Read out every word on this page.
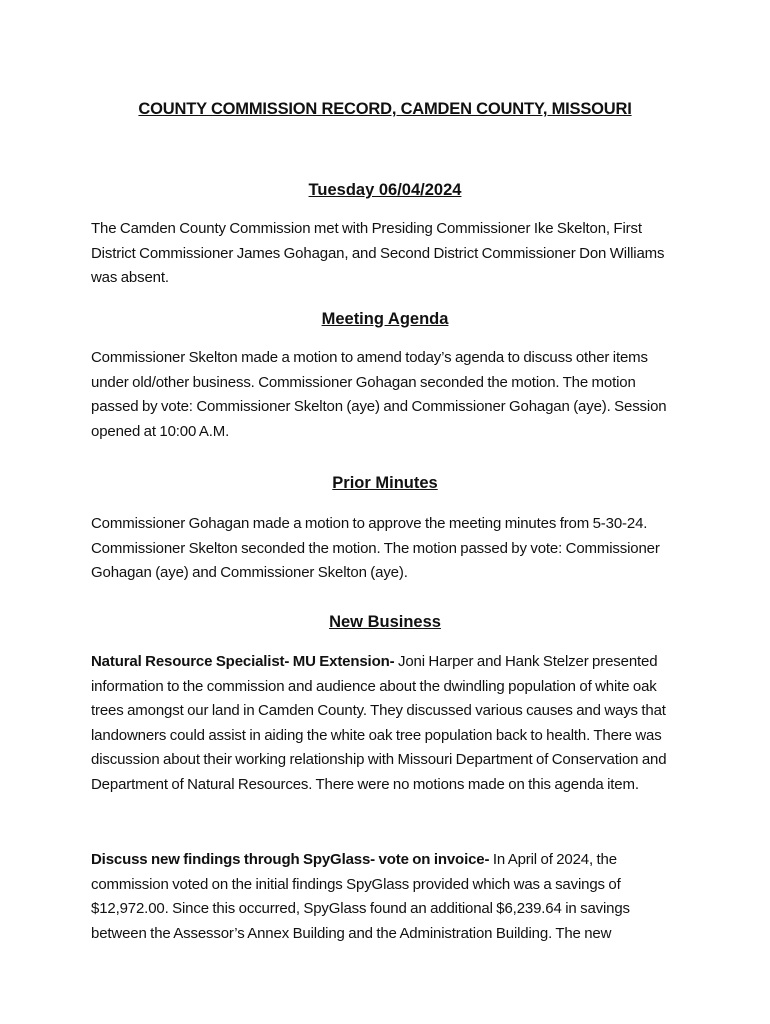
COUNTY COMMISSION RECORD, CAMDEN COUNTY, MISSOURI
Tuesday 06/04/2024

The Camden County Commission met with Presiding Commissioner Ike Skelton, First District Commissioner James Gohagan, and Second District Commissioner Don Williams was absent.

Meeting Agenda

Commissioner Skelton made a motion to amend today’s agenda to discuss other items under old/other business. Commissioner Gohagan seconded the motion. The motion passed by vote: Commissioner Skelton (aye) and Commissioner Gohagan (aye). Session opened at 10:00 A.M.

Prior Minutes

Commissioner Gohagan made a motion to approve the meeting minutes from 5-30-24. Commissioner Skelton seconded the motion. The motion passed by vote: Commissioner Gohagan (aye) and Commissioner Skelton (aye).

New Business

Natural Resource Specialist- MU Extension- Joni Harper and Hank Stelzer presented information to the commission and audience about the dwindling population of white oak trees amongst our land in Camden County. They discussed various causes and ways that landowners could assist in aiding the white oak tree population back to health. There was discussion about their working relationship with Missouri Department of Conservation and Department of Natural Resources. There were no motions made on this agenda item.

Discuss new findings through SpyGlass- vote on invoice- In April of 2024, the commission voted on the initial findings SpyGlass provided which was a savings of $12,972.00. Since this occurred, SpyGlass found an additional $6,239.64 in savings between the Assessor’s Annex Building and the Administration Building. The new
